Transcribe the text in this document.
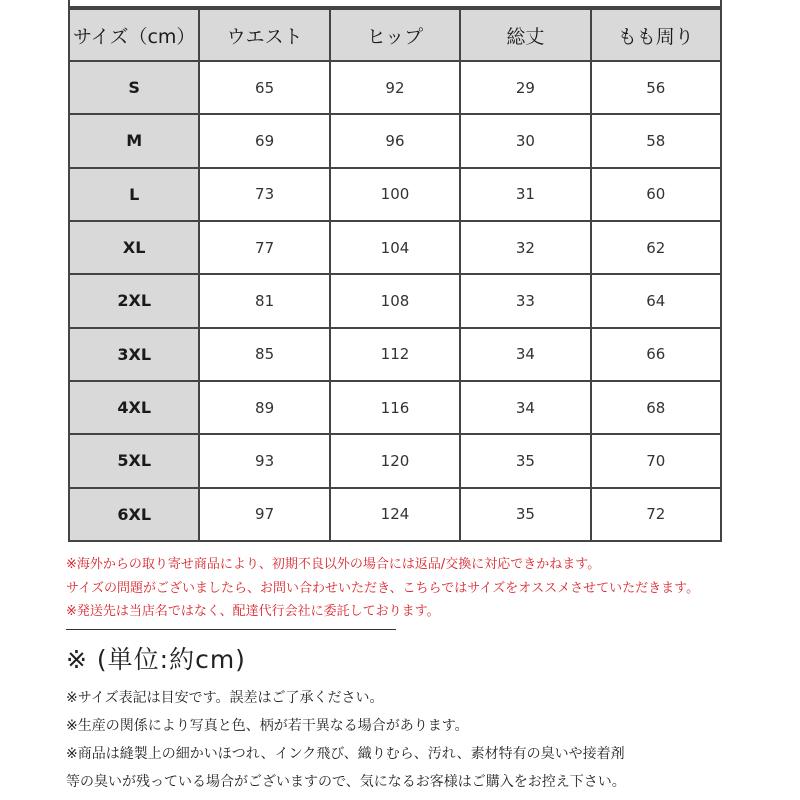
サイズ（cm）	ウエスト	ヒップ	総丈	もも周り
S	65	92	29	56
M	69	96	30	58
L	73	100	31	60
XL	77	104	32	62
2XL	81	108	33	64
3XL	85	112	34	66
4XL	89	116	34	68
5XL	93	120	35	70
6XL	97	124	35	72
※海外からの取り寄せ商品により、初期不良以外の場合には返品/交換に対応できかねます。
サイズの問題がございましたら、お問い合わせいただき、こちらではサイズをオススメさせていただきます。
※発送先は当店名ではなく、配達代行会社に委託しております。
※ (単位:約cm)
※サイズ表記は目安です。誤差はご了承ください。
※生産の関係により写真と色、柄が若干異なる場合があります。
※商品は縫製上の細かいほつれ、インク飛び、織りむら、汚れ、素材特有の臭いや接着剤
等の臭いが残っている場合がございますので、気になるお客様はご購入をお控え下さい。
